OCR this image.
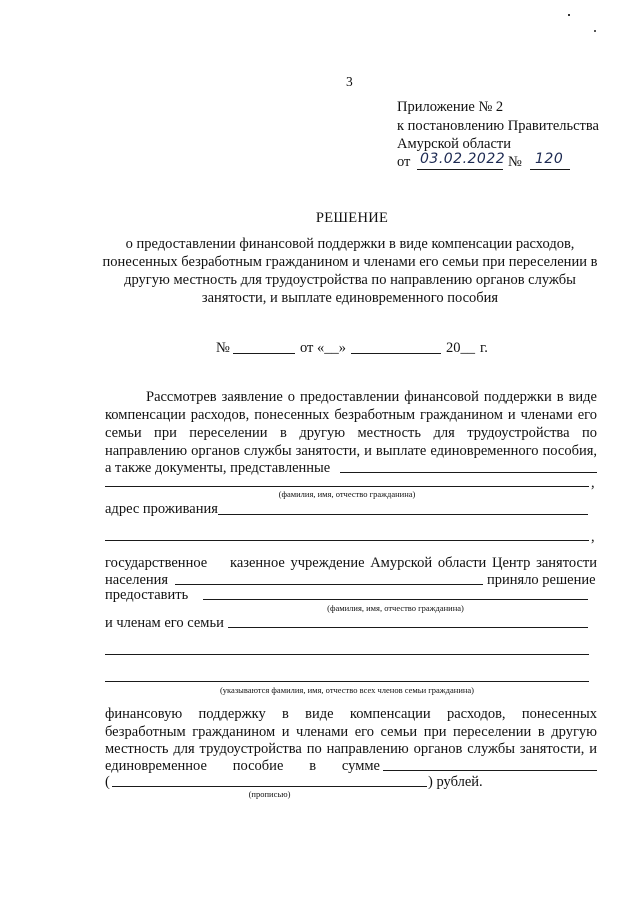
3
Приложение № 2
к постановлению Правительства
Амурской области
от 03.02.2022 № 120
РЕШЕНИЕ
о предоставлении финансовой поддержки в виде компенсации расходов,
понесенных безработным гражданином и членами его семьи при переселении в
другую местность для трудоустройства по направлению органов службы
занятости, и выплате единовременного пособия
№	от «__»	20__ г.
Рассмотрев заявление о предоставлении финансовой поддержки в виде
компенсации расходов, понесенных безработным гражданином и членами его
семьи при переселении в другую местность для трудоустройства по
направлению органов службы занятости, и выплате единовременного пособия,
а также документы, представленные
,
(фамилия, имя, отчество гражданина)
адрес проживания
,
государственное казенное учреждение Амурской области Центр занятости
населения	приняло решение
предоставить
(фамилия, имя, отчество гражданина)
и членам его семьи
(указываются фамилия, имя, отчество всех членов семьи гражданина)
финансовую поддержку в виде компенсации расходов, понесенных
безработным гражданином и членами его семьи при переселении в другую
местность для трудоустройства по направлению органов службы занятости, и
единовременное пособие в сумме
(	) рублей.
(прописью)
